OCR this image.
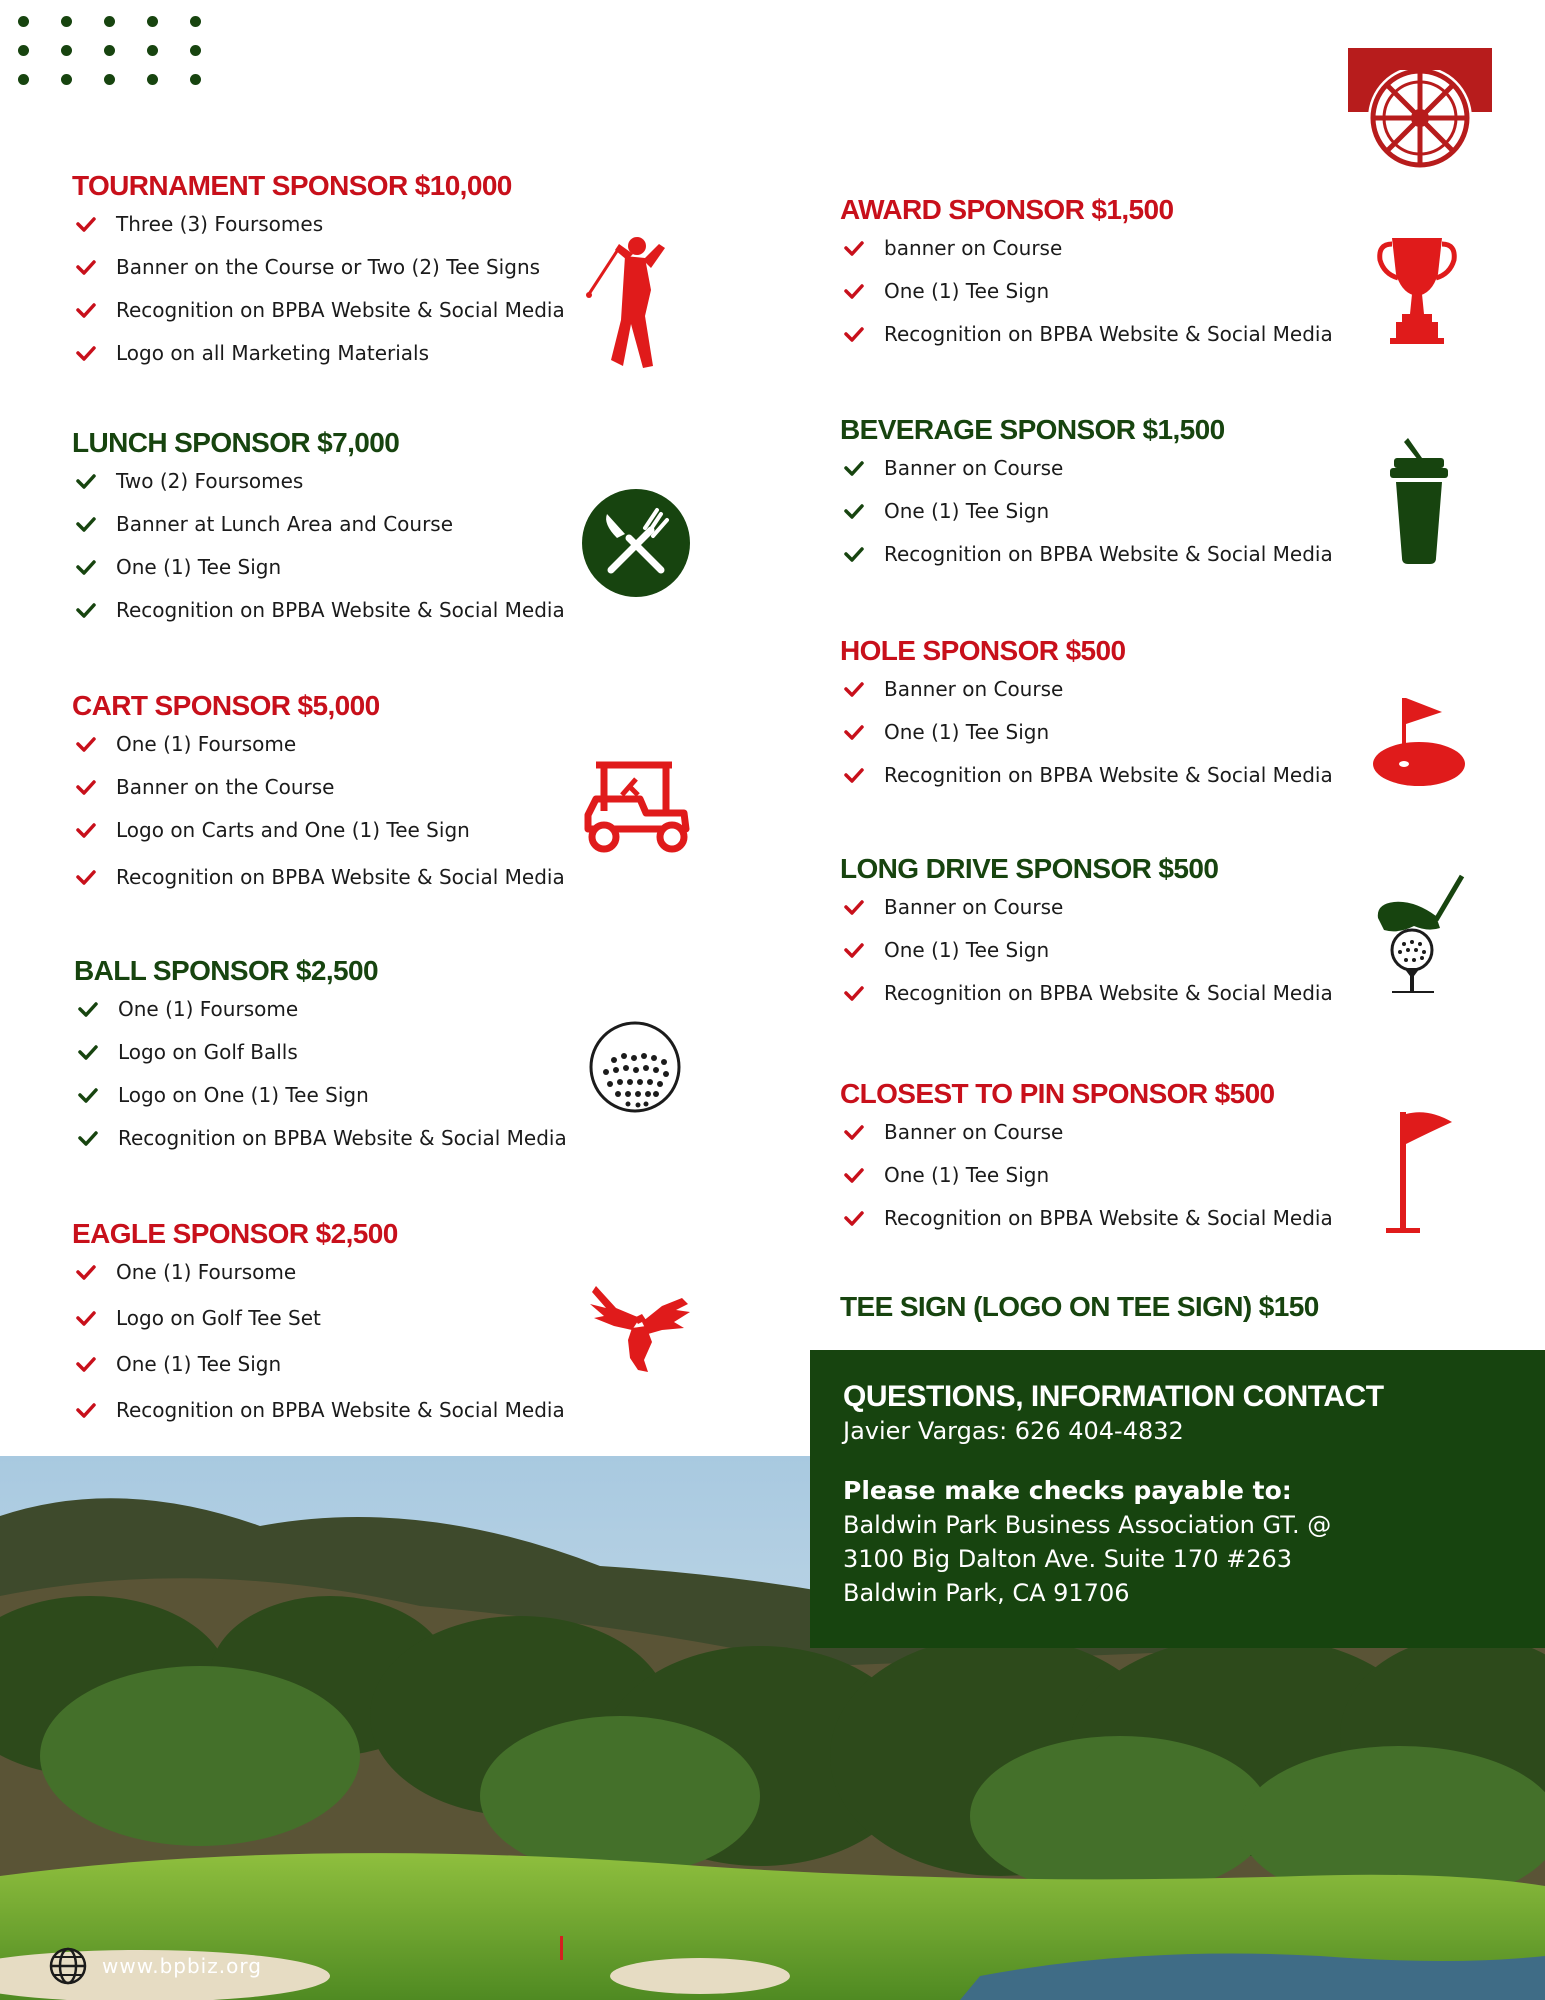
TOURNAMENT SPONSOR $10,000
Three (3) Foursomes
Banner on the Course or Two (2) Tee Signs
Recognition on BPBA Website & Social Media
Logo on all Marketing Materials
LUNCH SPONSOR $7,000
Two (2) Foursomes
Banner at Lunch Area and Course
One (1) Tee Sign
Recognition on BPBA Website & Social Media
CART SPONSOR $5,000
One (1) Foursome
Banner on the Course
Logo on Carts and One (1) Tee Sign
Recognition on BPBA Website & Social Media
BALL SPONSOR $2,500
One (1) Foursome
Logo on Golf Balls
Logo on One (1) Tee Sign
Recognition on BPBA Website & Social Media
EAGLE SPONSOR $2,500
One (1) Foursome
Logo on Golf Tee Set
One (1) Tee Sign
Recognition on BPBA Website & Social Media
AWARD SPONSOR $1,500
banner on Course
One (1) Tee Sign
Recognition on BPBA Website & Social Media
BEVERAGE SPONSOR $1,500
Banner on Course
One (1) Tee Sign
Recognition on BPBA Website & Social Media
HOLE SPONSOR $500
Banner on Course
One (1) Tee Sign
Recognition on BPBA Website & Social Media
LONG DRIVE SPONSOR $500
Banner on Course
One (1) Tee Sign
Recognition on BPBA Website & Social Media
CLOSEST TO PIN SPONSOR $500
Banner on Course
One (1) Tee Sign
Recognition on BPBA Website & Social Media
TEE SIGN (LOGO ON TEE SIGN) $150
QUESTIONS, INFORMATION CONTACT
Javier Vargas: 626 404-4832
Please make checks payable to:
Baldwin Park Business Association GT. @
3100 Big Dalton Ave. Suite 170 #263
Baldwin Park, CA 91706
www.bpbiz.org
